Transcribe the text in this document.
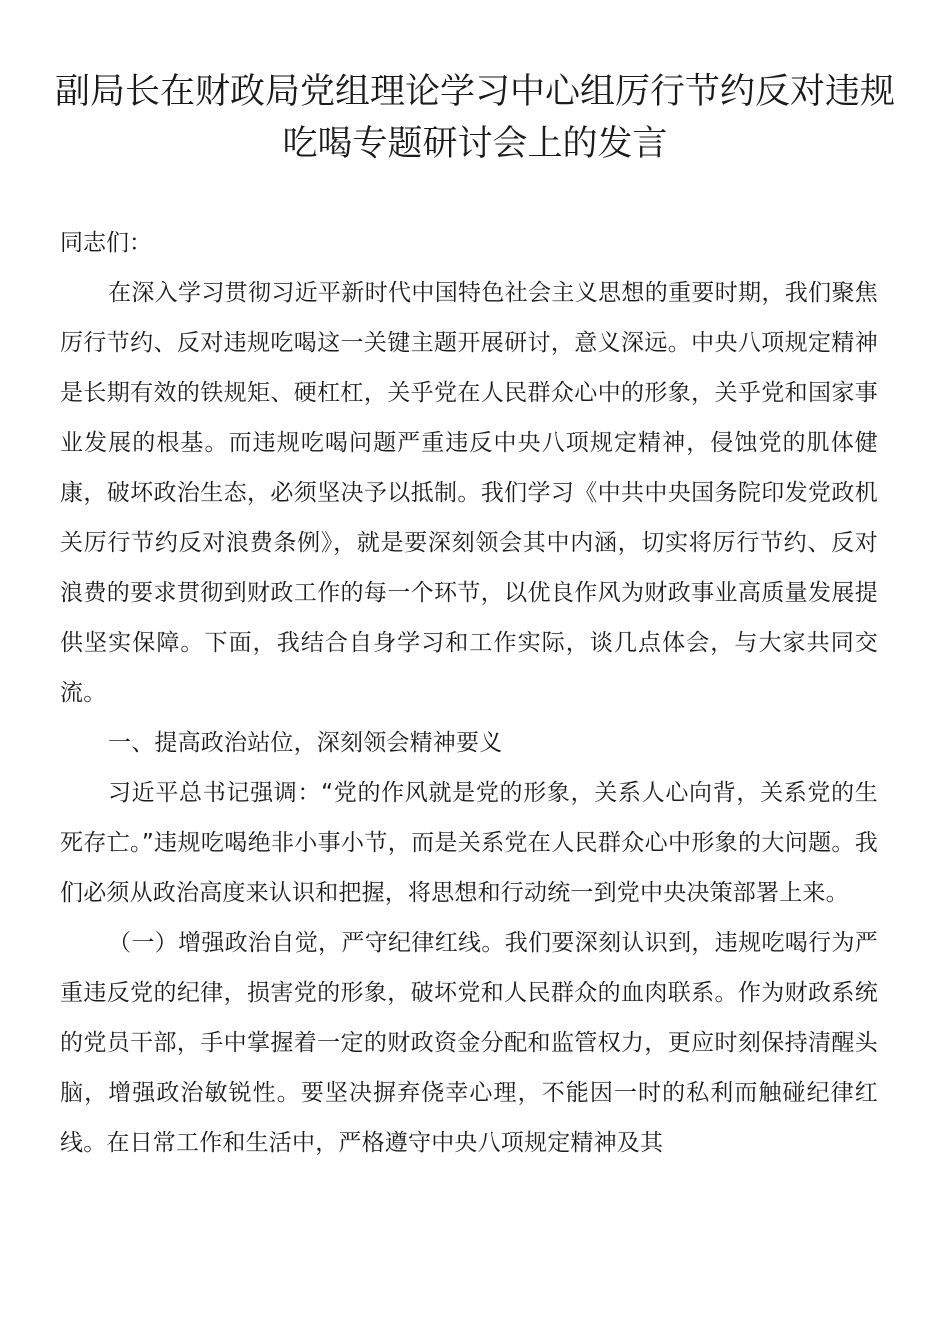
副局长在财政局党组理论学习中心组厉行节约反对违规吃喝专题研讨会上的发言

同志们：

在深入学习贯彻习近平新时代中国特色社会主义思想的重要时期，我们聚焦厉行节约、反对违规吃喝这一关键主题开展研讨，意义深远。中央八项规定精神是长期有效的铁规矩、硬杠杠，关乎党在人民群众心中的形象，关乎党和国家事业发展的根基。而违规吃喝问题严重违反中央八项规定精神，侵蚀党的肌体健康，破坏政治生态，必须坚决予以抵制。我们学习《中共中央国务院印发党政机关厉行节约反对浪费条例》，就是要深刻领会其中内涵，切实将厉行节约、反对浪费的要求贯彻到财政工作的每一个环节，以优良作风为财政事业高质量发展提供坚实保障。下面，我结合自身学习和工作实际，谈几点体会，与大家共同交流。

一、提高政治站位，深刻领会精神要义

习近平总书记强调：“党的作风就是党的形象，关系人心向背，关系党的生死存亡。”违规吃喝绝非小事小节，而是关系党在人民群众心中形象的大问题。我们必须从政治高度来认识和把握，将思想和行动统一到党中央决策部署上来。

（一）增强政治自觉，严守纪律红线。我们要深刻认识到，违规吃喝行为严重违反党的纪律，损害党的形象，破坏党和人民群众的血肉联系。作为财政系统的党员干部，手中掌握着一定的财政资金分配和监管权力，更应时刻保持清醒头脑，增强政治敏锐性。要坚决摒弃侥幸心理，不能因一时的私利而触碰纪律红线。在日常工作和生活中，严格遵守中央八项规定精神及其
